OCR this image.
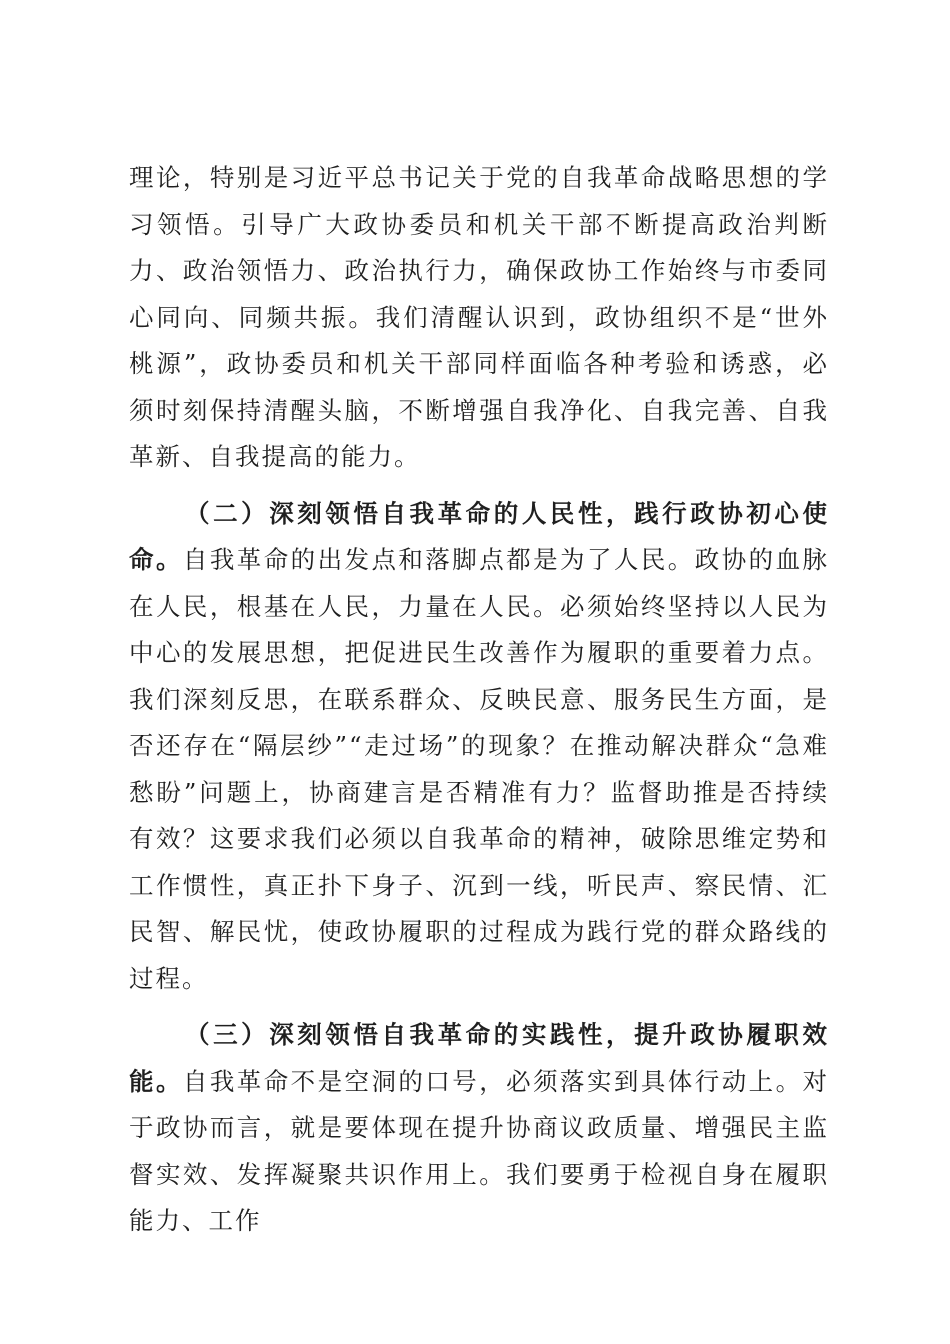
理论，特别是习近平总书记关于党的自我革命战略思想的学习领悟。引导广大政协委员和机关干部不断提高政治判断力、政治领悟力、政治执行力，确保政协工作始终与市委同心同向、同频共振。我们清醒认识到，政协组织不是“世外桃源”，政协委员和机关干部同样面临各种考验和诱惑，必须时刻保持清醒头脑，不断增强自我净化、自我完善、自我革新、自我提高的能力。

（二）深刻领悟自我革命的人民性，践行政协初心使命。自我革命的出发点和落脚点都是为了人民。政协的血脉在人民，根基在人民，力量在人民。必须始终坚持以人民为中心的发展思想，把促进民生改善作为履职的重要着力点。我们深刻反思，在联系群众、反映民意、服务民生方面，是否还存在“隔层纱”“走过场”的现象？在推动解决群众“急难愁盼”问题上，协商建言是否精准有力？监督助推是否持续有效？这要求我们必须以自我革命的精神，破除思维定势和工作惯性，真正扑下身子、沉到一线，听民声、察民情、汇民智、解民忧，使政协履职的过程成为践行党的群众路线的过程。

（三）深刻领悟自我革命的实践性，提升政协履职效能。自我革命不是空洞的口号，必须落实到具体行动上。对于政协而言，就是要体现在提升协商议政质量、增强民主监督实效、发挥凝聚共识作用上。我们要勇于检视自身在履职能力、工作
